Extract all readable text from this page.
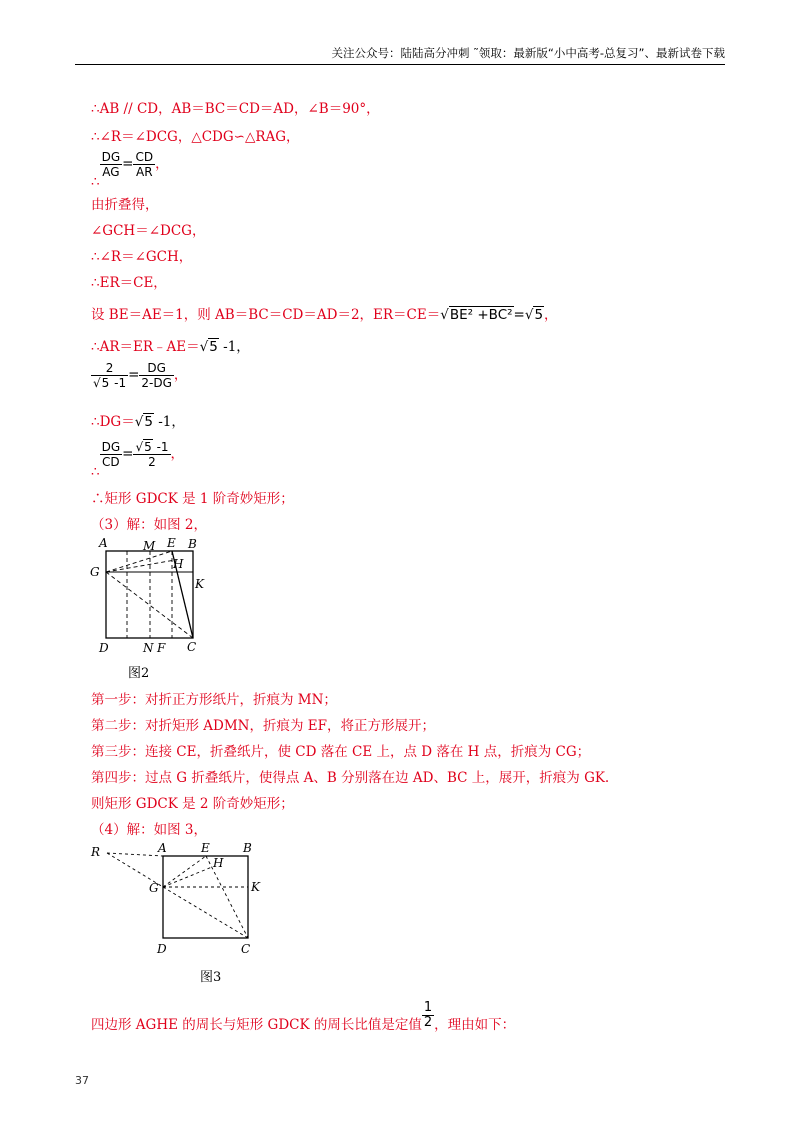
关注公众号：陆陆高分冲刺 ˜领取：最新版“小中高考-总复习”、最新试卷下载
∴AB // CD，AB＝BC＝CD＝AD，∠B＝90°，
∴∠R＝∠DCG，△CDG∽△RAG，
∴
$\frac{DG}{AG} = \frac{CD}{AR}$ ，
由折叠得，
∠GCH＝∠DCG，
∴∠R＝∠GCH，
∴ER＝CE，
设 BE＝AE＝1，则 AB＝BC＝CD＝AD＝2，ER＝CE＝√BE² +BC²=√5，
∴AR＝ER﹣AE＝√5 -1，
$\frac{2}{√5 -1} = \frac{DG}{2-DG}$ ，
∴DG＝√5 -1，
∴
$\frac{DG}{CD} = \frac{√5 -1}{2}$ ，
∴矩形 GDCK 是 1 阶奇妙矩形；
（3）解：如图 2，
A	M E B
G
H
K
D	N F C
图2
第一步：对折正方形纸片，折痕为 MN；
第二步：对折矩形 ADMN，折痕为 EF，将正方形展开；
第三步：连接 CE，折叠纸片，使 CD 落在 CE 上，点 D 落在 H 点，折痕为 CG；
第四步：过点 G 折叠纸片，使得点 A、B 分别落在边 AD、BC 上，展开，折痕为 GK.
则矩形 GDCK 是 2 阶奇妙矩形；
（4）解：如图 3，
R	A	E	B
H
G	K
D	C
图3
四边形 AGHE 的周长与矩形 GDCK 的周长比值是定值 $\frac{1}{2}$ ，理由如下：
37
